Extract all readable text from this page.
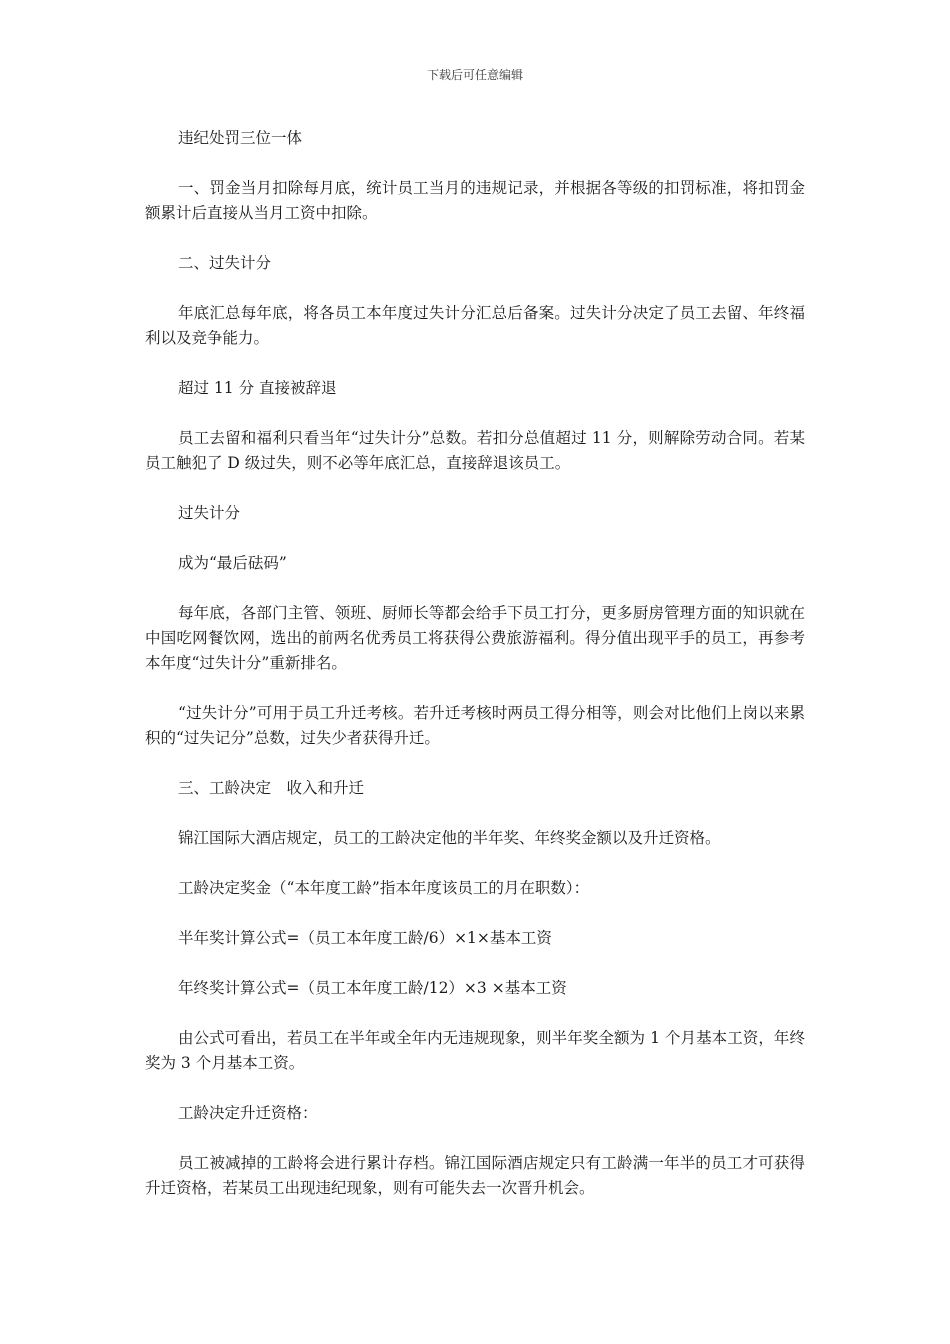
下载后可任意编辑

违纪处罚三位一体

一、罚金当月扣除每月底，统计员工当月的违规记录，并根据各等级的扣罚标准，将扣罚金额累计后直接从当月工资中扣除。

二、过失计分

年底汇总每年底，将各员工本年度过失计分汇总后备案。过失计分决定了员工去留、年终福利以及竞争能力。

超过 11 分 直接被辞退

员工去留和福利只看当年“过失计分”总数。若扣分总值超过 11 分，则解除劳动合同。若某员工触犯了 D 级过失，则不必等年底汇总，直接辞退该员工。

过失计分

成为“最后砝码”

每年底，各部门主管、领班、厨师长等都会给手下员工打分，更多厨房管理方面的知识就在中国吃网餐饮网，选出的前两名优秀员工将获得公费旅游福利。得分值出现平手的员工，再参考本年度“过失计分”重新排名。

“过失计分”可用于员工升迁考核。若升迁考核时两员工得分相等，则会对比他们上岗以来累积的“过失记分”总数，过失少者获得升迁。

三、工龄决定　收入和升迁

锦江国际大酒店规定，员工的工龄决定他的半年奖、年终奖金额以及升迁资格。

工龄决定奖金（“本年度工龄”指本年度该员工的月在职数）：

半年奖计算公式=（员工本年度工龄/6）×1×基本工资

年终奖计算公式=（员工本年度工龄/12）×3 ×基本工资

由公式可看出，若员工在半年或全年内无违规现象，则半年奖全额为 1 个月基本工资，年终奖为 3 个月基本工资。

工龄决定升迁资格：

员工被减掉的工龄将会进行累计存档。锦江国际酒店规定只有工龄满一年半的员工才可获得升迁资格，若某员工出现违纪现象，则有可能失去一次晋升机会。
